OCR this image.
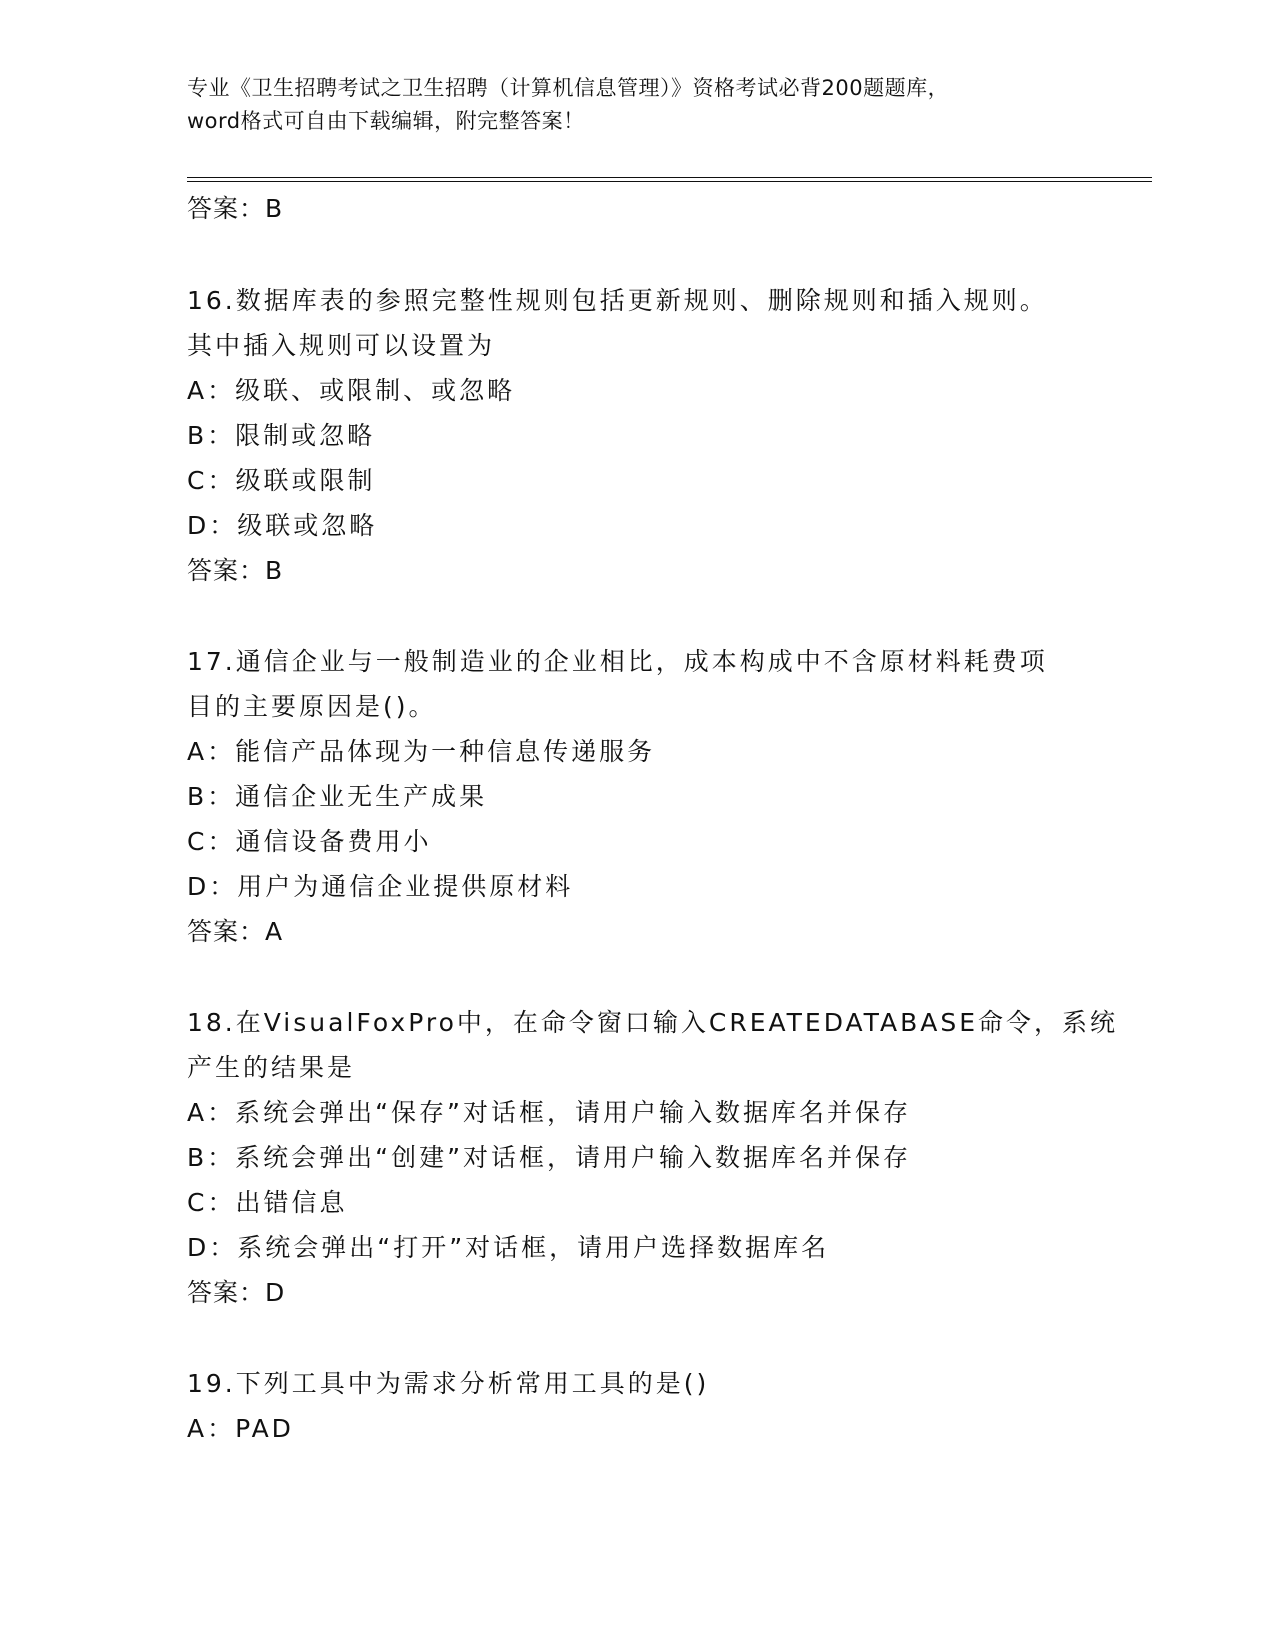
专业《卫生招聘考试之卫生招聘（计算机信息管理）》资格考试必背200题题库，
word格式可自由下载编辑，附完整答案！
答案：B
16.数据库表的参照完整性规则包括更新规则、删除规则和插入规则。
其中插入规则可以设置为
A：级联、或限制、或忽略
B：限制或忽略
C：级联或限制
D：级联或忽略
答案：B
17.通信企业与一般制造业的企业相比，成本构成中不含原材料耗费项
目的主要原因是()。
A：能信产品体现为一种信息传递服务
B：通信企业无生产成果
C：通信设备费用小
D：用户为通信企业提供原材料
答案：A
18.在VisualFoxPro中，在命令窗口输入CREATEDATABASE命令，系统
产生的结果是
A：系统会弹出“保存”对话框，请用户输入数据库名并保存
B：系统会弹出“创建”对话框，请用户输入数据库名并保存
C：出错信息
D：系统会弹出“打开”对话框，请用户选择数据库名
答案：D
19.下列工具中为需求分析常用工具的是()
A：PAD
